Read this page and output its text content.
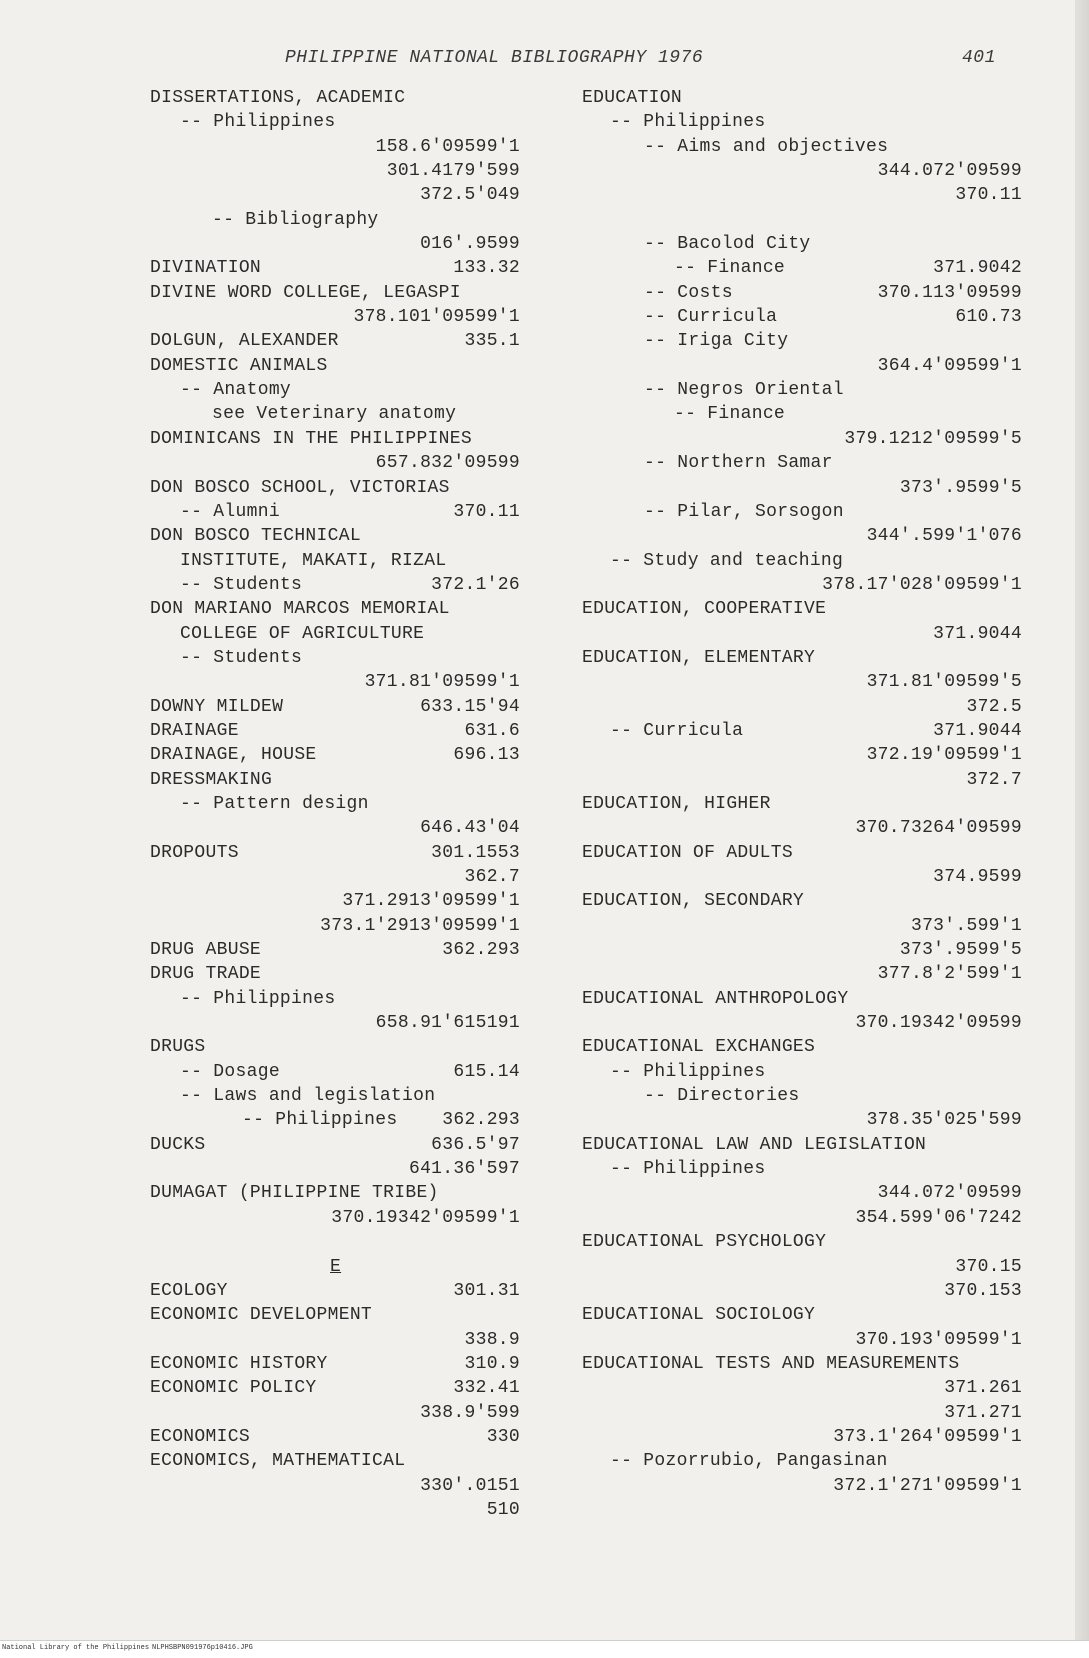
PHILIPPINE NATIONAL BIBLIOGRAPHY 1976	401
DISSERTATIONS, ACADEMIC
-- Philippines
158.6'09599'1
301.4179'599
372.5'049
-- Bibliography
016'.9599
DIVINATION	133.32
DIVINE WORD COLLEGE, LEGASPI
378.101'09599'1
DOLGUN, ALEXANDER	335.1
DOMESTIC ANIMALS
-- Anatomy
see Veterinary anatomy
DOMINICANS IN THE PHILIPPINES
657.832'09599
DON BOSCO SCHOOL, VICTORIAS
-- Alumni	370.11
DON BOSCO TECHNICAL
INSTITUTE, MAKATI, RIZAL
-- Students	372.1'26
DON MARIANO MARCOS MEMORIAL
COLLEGE OF AGRICULTURE
-- Students
371.81'09599'1
DOWNY MILDEW	633.15'94
DRAINAGE	631.6
DRAINAGE, HOUSE	696.13
DRESSMAKING
-- Pattern design
646.43'04
DROPOUTS	301.1553
362.7
371.2913'09599'1
373.1'2913'09599'1
DRUG ABUSE	362.293
DRUG TRADE
-- Philippines
658.91'615191
DRUGS
-- Dosage	615.14
-- Laws and legislation
-- Philippines 362.293
DUCKS	636.5'97
641.36'597
DUMAGAT (PHILIPPINE TRIBE)
370.19342'09599'1
E
ECOLOGY	301.31
ECONOMIC DEVELOPMENT
338.9
ECONOMIC HISTORY	310.9
ECONOMIC POLICY	332.41
338.9'599
ECONOMICS	330
ECONOMICS, MATHEMATICAL
330'.0151
510
EDUCATION
-- Philippines
-- Aims and objectives
344.072'09599
370.11
-- Bacolod City
-- Finance	371.9042
-- Costs	370.113'09599
-- Curricula	610.73
-- Iriga City
364.4'09599'1
-- Negros Oriental
-- Finance
379.1212'09599'5
-- Northern Samar
373'.9599'5
-- Pilar, Sorsogon
344'.599'1'076
-- Study and teaching
378.17'028'09599'1
EDUCATION, COOPERATIVE
371.9044
EDUCATION, ELEMENTARY
371.81'09599'5
372.5
-- Curricula	371.9044
372.19'09599'1
372.7
EDUCATION, HIGHER
370.73264'09599
EDUCATION OF ADULTS
374.9599
EDUCATION, SECONDARY
373'.599'1
373'.9599'5
377.8'2'599'1
EDUCATIONAL ANTHROPOLOGY
370.19342'09599
EDUCATIONAL EXCHANGES
-- Philippines
-- Directories
378.35'025'599
EDUCATIONAL LAW AND LEGISLATION
-- Philippines
344.072'09599
354.599'06'7242
EDUCATIONAL PSYCHOLOGY
370.15
370.153
EDUCATIONAL SOCIOLOGY
370.193'09599'1
EDUCATIONAL TESTS AND MEASUREMENTS
371.261
371.271
373.1'264'09599'1
-- Pozorrubio, Pangasinan
372.1'271'09599'1
National Library of the Philippines NLPHSBPN091976p10416.JPG
